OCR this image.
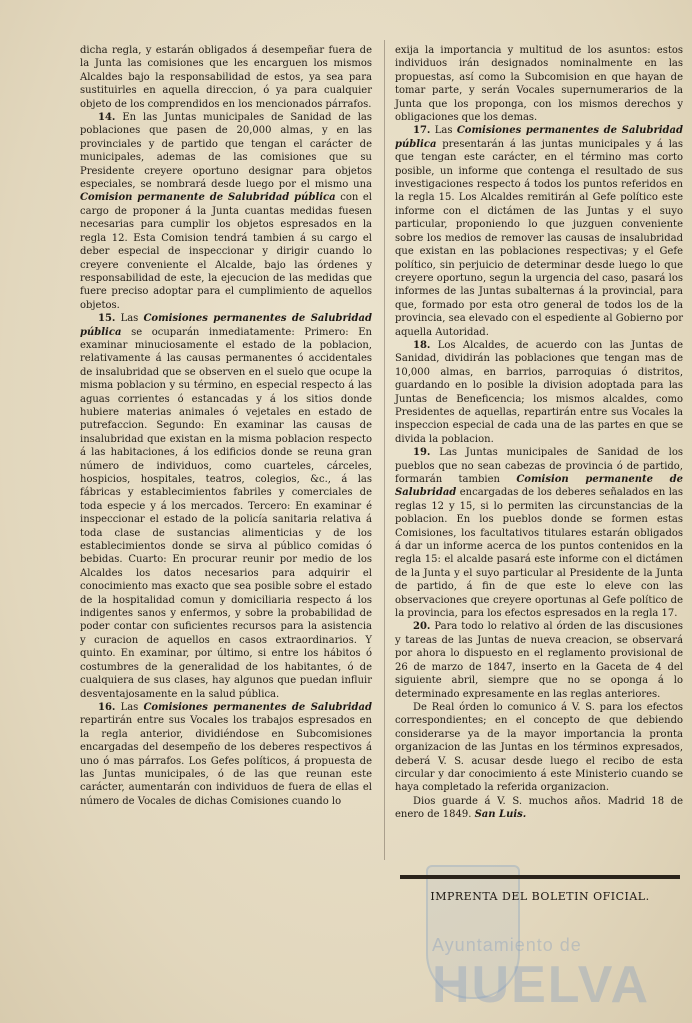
Ayuntamiento de
HUELVA

dicha regla, y estarán obligados á desempeñar fuera de la Junta las comisiones que les encarguen los mismos Alcaldes bajo la responsabilidad de estos, ya sea para sustituirles en aquella direccion, ó ya para cualquier objeto de los comprendidos en los mencionados párrafos.

14. En las Juntas municipales de Sanidad de las poblaciones que pasen de 20,000 almas, y en las provinciales y de partido que tengan el carácter de municipales, ademas de las comisiones que su Presidente creyere oportuno designar para objetos especiales, se nombrará desde luego por el mismo una Comision permanente de Salubridad pública con el cargo de proponer á la Junta cuantas medidas fuesen necesarias para cumplir los objetos espresados en la regla 12. Esta Comision tendrá tambien á su cargo el deber especial de inspeccionar y dirigir cuando lo creyere conveniente el Alcalde, bajo las órdenes y responsabilidad de este, la ejecucion de las medidas que fuere preciso adoptar para el cumplimiento de aquellos objetos.

15. Las Comisiones permanentes de Salubridad pública se ocuparán inmediatamente: Primero: En examinar minuciosamente el estado de la poblacion, relativamente á las causas permanentes ó accidentales de insalubridad que se observen en el suelo que ocupe la misma poblacion y su término, en especial respecto á las aguas corrientes ó estancadas y á los sitios donde hubiere materias animales ó vejetales en estado de putrefaccion. Segundo: En examinar las causas de insalubridad que existan en la misma poblacion respecto á las habitaciones, á los edificios donde se reuna gran número de individuos, como cuarteles, cárceles, hospicios, hospitales, teatros, colegios, &c., á las fábricas y establecimientos fabriles y comerciales de toda especie y á los mercados. Tercero: En examinar é inspeccionar el estado de la policía sanitaria relativa á toda clase de sustancias alimenticias y de los establecimientos donde se sirva al público comidas ó bebidas. Cuarto: En procurar reunir por medio de los Alcaldes los datos necesarios para adquirir el conocimiento mas exacto que sea posible sobre el estado de la hospitalidad comun y domiciliaria respecto á los indigentes sanos y enfermos, y sobre la probabilidad de poder contar con suficientes recursos para la asistencia y curacion de aquellos en casos extraordinarios. Y quinto. En examinar, por último, si entre los hábitos ó costumbres de la generalidad de los habitantes, ó de cualquiera de sus clases, hay algunos que puedan influir desventajosamente en la salud pública.

16. Las Comisiones permanentes de Salubridad repartirán entre sus Vocales los trabajos espresados en la regla anterior, dividiéndose en Subcomisiones encargadas del desempeño de los deberes respectivos á uno ó mas párrafos. Los Gefes políticos, á propuesta de las Juntas municipales, ó de las que reunan este carácter, aumentarán con individuos de fuera de ellas el número de Vocales de dichas Comisiones cuando lo

exija la importancia y multitud de los asuntos: estos individuos irán designados nominalmente en las propuestas, así como la Subcomision en que hayan de tomar parte, y serán Vocales supernumerarios de la Junta que los proponga, con los mismos derechos y obligaciones que los demas.

17. Las Comisiones permanentes de Salubridad pública presentarán á las juntas municipales y á las que tengan este carácter, en el término mas corto posible, un informe que contenga el resultado de sus investigaciones respecto á todos los puntos referidos en la regla 15. Los Alcaldes remitirán al Gefe político este informe con el dictámen de las Juntas y el suyo particular, proponiendo lo que juzguen conveniente sobre los medios de remover las causas de insalubridad que existan en las poblaciones respectivas; y el Gefe político, sin perjuicio de determinar desde luego lo que creyere oportuno, segun la urgencia del caso, pasará los informes de las Juntas subalternas á la provincial, para que, formado por esta otro general de todos los de la provincia, sea elevado con el espediente al Gobierno por aquella Autoridad.

18. Los Alcaldes, de acuerdo con las Juntas de Sanidad, dividirán las poblaciones que tengan mas de 10,000 almas, en barrios, parroquias ó distritos, guardando en lo posible la division adoptada para las Juntas de Beneficencia; los mismos alcaldes, como Presidentes de aquellas, repartirán entre sus Vocales la inspeccion especial de cada una de las partes en que se divida la poblacion.

19. Las Juntas municipales de Sanidad de los pueblos que no sean cabezas de provincia ó de partido, formarán tambien Comision permanente de Salubridad encargadas de los deberes señalados en las reglas 12 y 15, si lo permiten las circunstancias de la poblacion. En los pueblos donde se formen estas Comisiones, los facultativos titulares estarán obligados á dar un informe acerca de los puntos contenidos en la regla 15: el alcalde pasará este informe con el dictámen de la Junta y el suyo particular al Presidente de la Junta de partido, á fin de que este lo eleve con las observaciones que creyere oportunas al Gefe político de la provincia, para los efectos espresados en la regla 17.

20. Para todo lo relativo al órden de las discusiones y tareas de las Juntas de nueva creacion, se observará por ahora lo dispuesto en el reglamento provisional de 26 de marzo de 1847, inserto en la Gaceta de 4 del siguiente abril, siempre que no se oponga á lo determinado expresamente en las reglas anteriores.

De Real órden lo comunico á V. S. para los efectos correspondientes; en el concepto de que debiendo considerarse ya de la mayor importancia la pronta organizacion de las Juntas en los términos expresados, deberá V. S. acusar desde luego el recibo de esta circular y dar conocimiento á este Ministerio cuando se haya completado la referida organizacion.

Dios guarde á V. S. muchos años. Madrid 18 de enero de 1849. San Luis.

IMPRENTA DEL BOLETIN OFICIAL.
